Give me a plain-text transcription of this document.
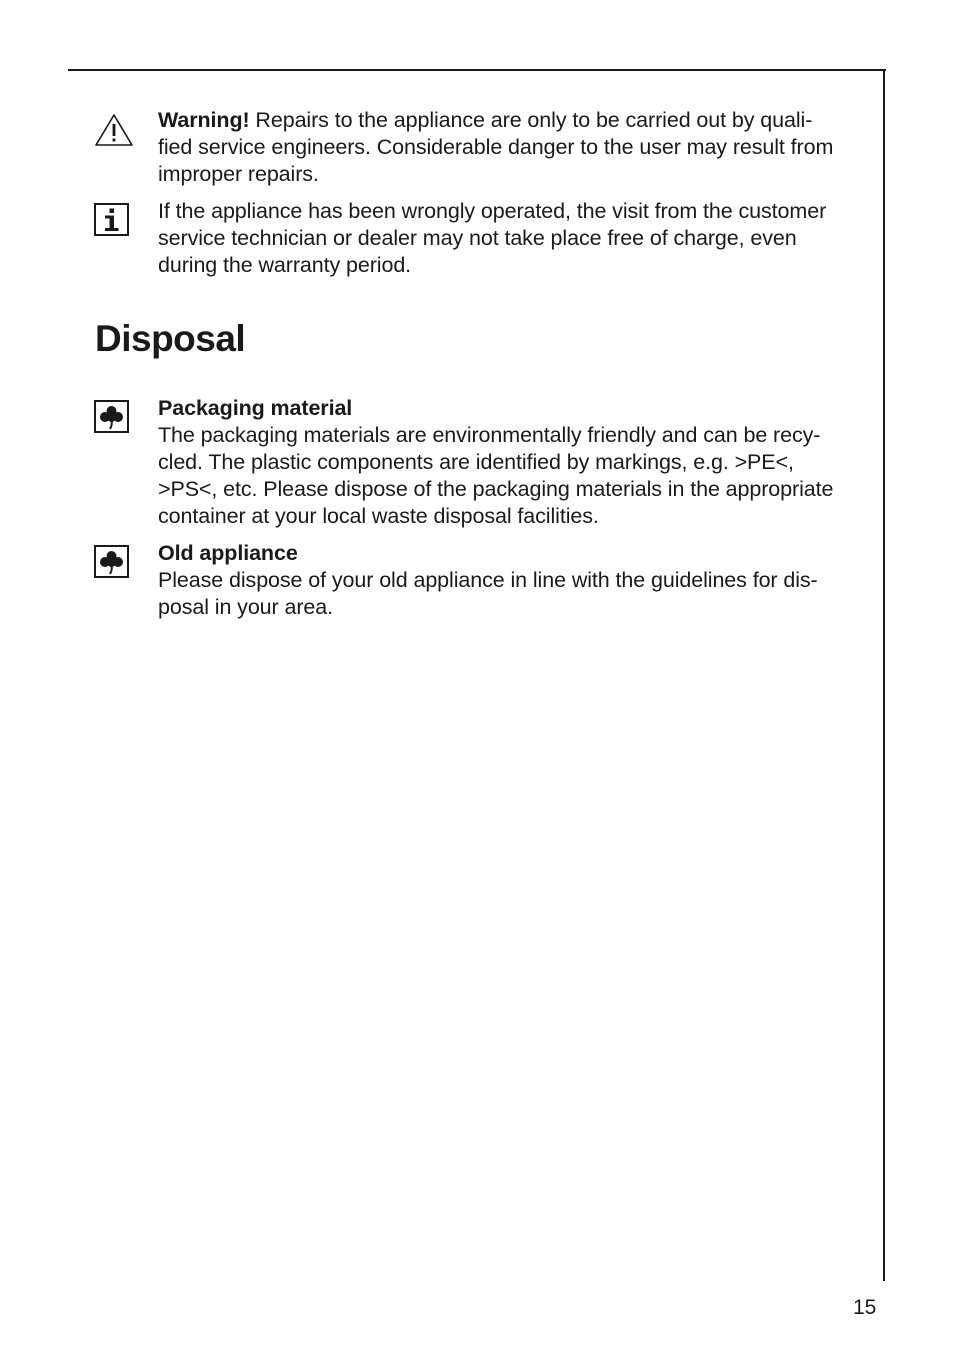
Warning! Repairs to the appliance are only to be carried out by quali-

fied service engineers. Considerable danger to the user may result from

improper repairs.

If the appliance has been wrongly operated, the visit from the customer

service technician or dealer may not take place free of charge, even

during the warranty period.

Disposal

Packaging material

The packaging materials are environmentally friendly and can be recy-

cled. The plastic components are identified by markings, e.g. >PE<,

>PS<, etc. Please dispose of the packaging materials in the appropriate

container at your local waste disposal facilities.

Old appliance

Please dispose of your old appliance in line with the guidelines for dis-

posal in your area.

15
